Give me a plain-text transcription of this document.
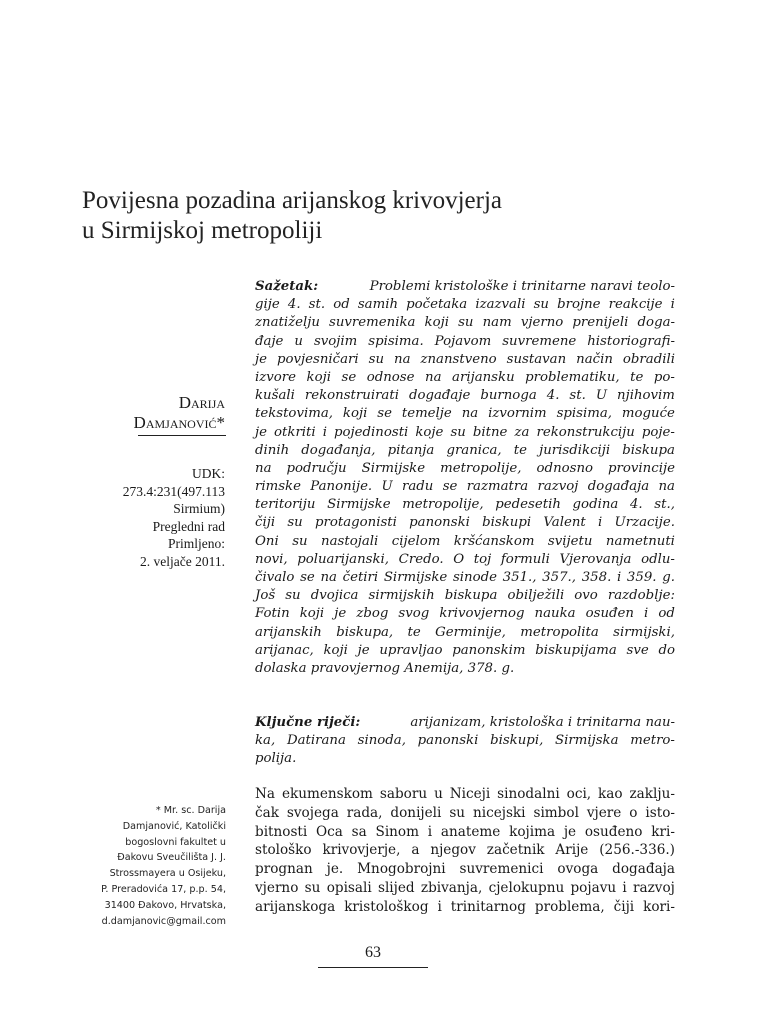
Povijesna pozadina arijanskog krivovjerja
u Sirmijskoj metropoliji
Darija
Damjanović*
UDK:
273.4:231(497.113
Sirmium)
Pregledni rad
Primljeno:
2. veljače 2011.
Sažetak:	Problemi kristološke i trinitarne naravi teolo-
gije 4. st. od samih početaka izazvali su brojne reakcije i
znatiželju suvremenika koji su nam vjerno prenijeli doga-
đaje u svojim spisima. Pojavom suvremene historiografi-
je povjesničari su na znanstveno sustavan način obradili
izvore koji se odnose na arijansku problematiku, te po-
kušali rekonstruirati događaje burnoga 4. st. U njihovim
tekstovima, koji se temelje na izvornim spisima, moguće
je otkriti i pojedinosti koje su bitne za rekonstrukciju poje-
dinih događanja, pitanja granica, te jurisdikciji biskupa
na području Sirmijske metropolije, odnosno provincije
rimske Panonije. U radu se razmatra razvoj događaja na
teritoriju Sirmijske metropolije, pedesetih godina 4. st.,
čiji su protagonisti panonski biskupi Valent i Urzacije.
Oni su nastojali cijelom kršćanskom svijetu nametnuti
novi, poluarijanski, Credo. O toj formuli Vjerovanja odlu-
čivalo se na četiri Sirmijske sinode 351., 357., 358. i 359. g.
Još su dvojica sirmijskih biskupa obilježili ovo razdoblje:
Fotin koji je zbog svog krivovjernog nauka osuđen i od
arijanskih biskupa, te Germinije, metropolita sirmijski,
arijanac, koji je upravljao panonskim biskupijama sve do
dolaska pravovjernog Anemija, 378. g.
Ključne riječi:	arijanizam, kristološka i trinitarna nau-
ka, Datirana sinoda, panonski biskupi, Sirmijska metro-
polija.
Na ekumenskom saboru u Niceji sinodalni oci, kao zaklju-
čak svojega rada, donijeli su nicejski simbol vjere o isto-
bitnosti Oca sa Sinom i anateme kojima je osuđeno kri-
stološko krivovjerje, a njegov začetnik Arije (256.-336.)
prognan je. Mnogobrojni suvremenici ovoga događaja
vjerno su opisali slijed zbivanja, cjelokupnu pojavu i razvoj
arijanskoga kristološkog i trinitarnog problema, čiji kori-
* Mr. sc. Darija
Damjanović, Katolički
bogoslovni fakultet u
Đakovu Sveučilišta J. J.
Strossmayera u Osijeku,
P. Preradovića 17, p.p. 54,
31400 Đakovo, Hrvatska,
d.damjanovic@gmail.com
63
